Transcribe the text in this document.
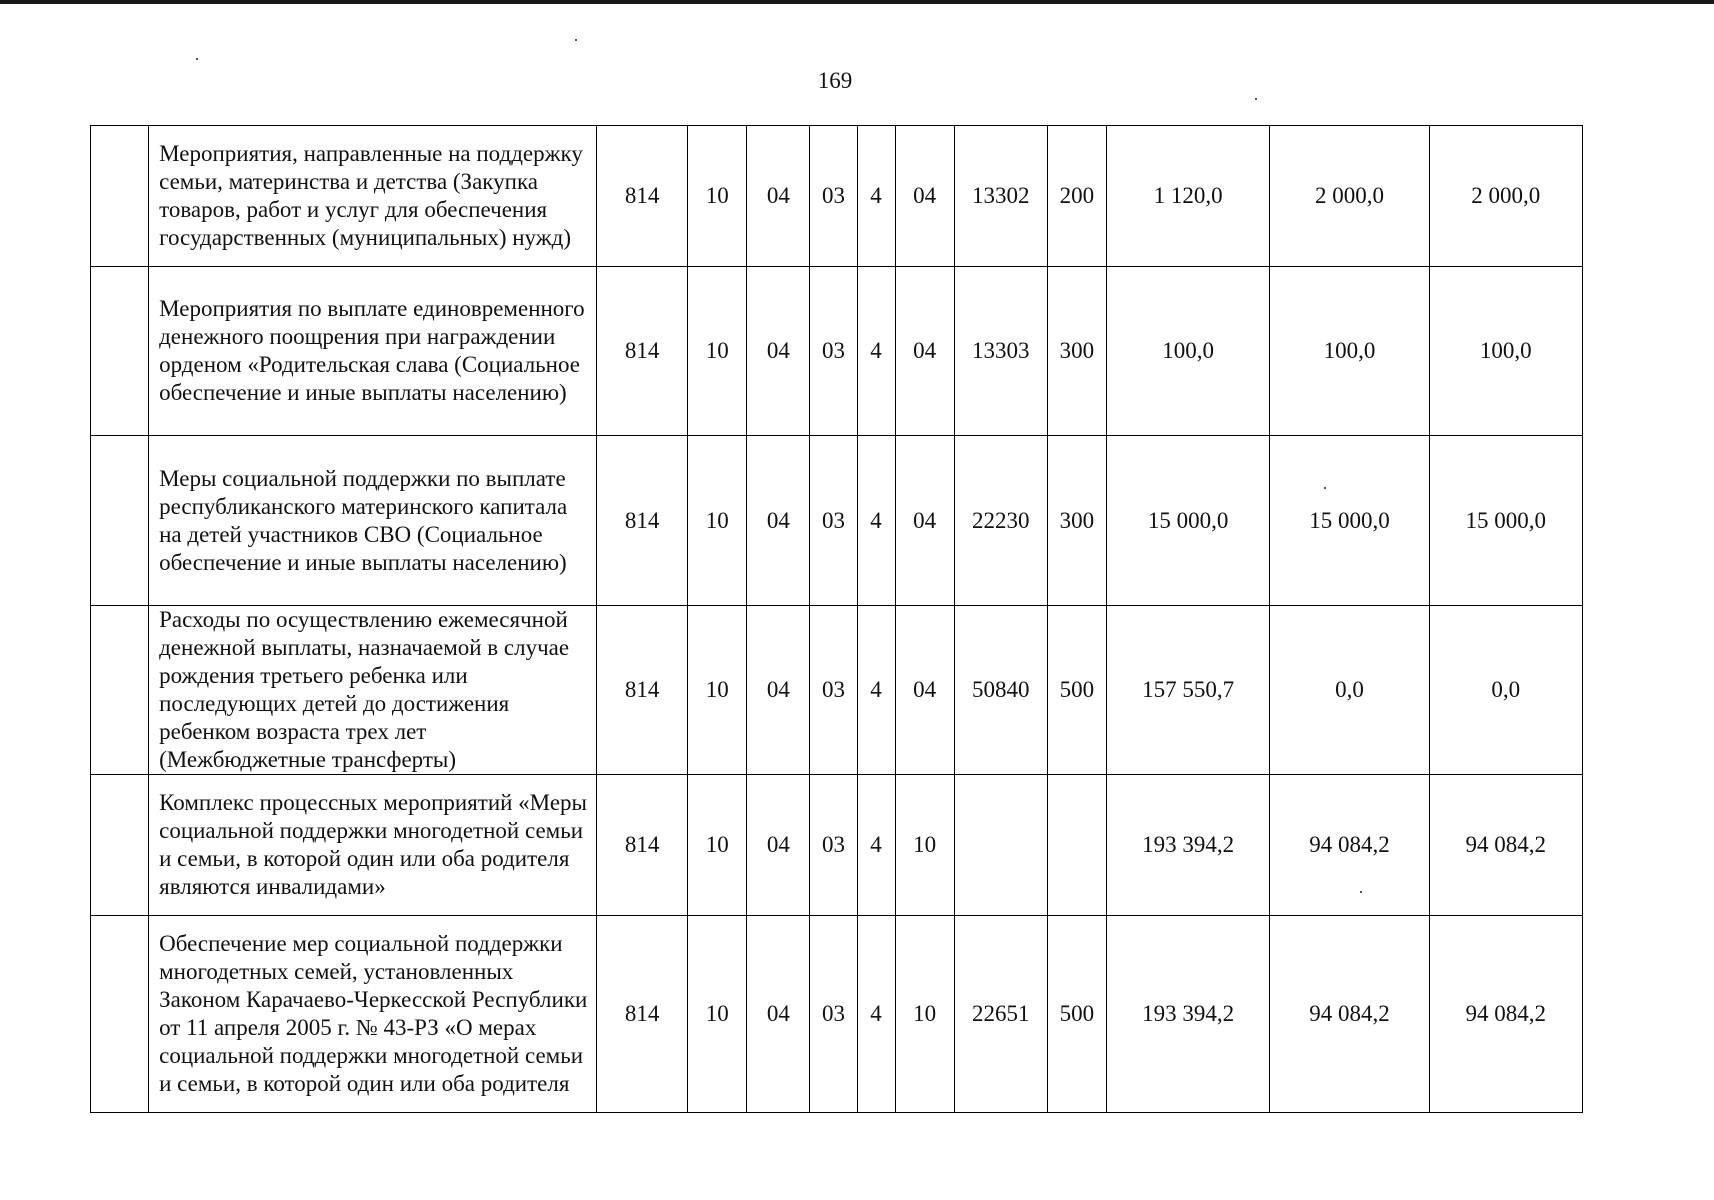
169
	Мероприятия, направленные на поддержку семьи, материнства и детства (Закупка товаров, работ и услуг для обеспечения государственных (муниципальных) нужд)	814	10	04	03	4	04	13302	200	1 120,0	2 000,0	2 000,0
	Мероприятия по выплате единовременного денежного поощрения при награждении орденом «Родительская слава (Социальное обеспечение и иные выплаты населению)	814	10	04	03	4	04	13303	300	100,0	100,0	100,0
	Меры социальной поддержки по выплате республиканского материнского капитала на детей участников СВО (Социальное обеспечение и иные выплаты населению)	814	10	04	03	4	04	22230	300	15 000,0	15 000,0	15 000,0
	Расходы по осуществлению ежемесячной денежной выплаты, назначаемой в случае рождения третьего ребенка или последующих детей до достижения ребенком возраста трех лет (Межбюджетные трансферты)	814	10	04	03	4	04	50840	500	157 550,7	0,0	0,0
	Комплекс процессных мероприятий «Меры социальной поддержки многодетной семьи и семьи, в которой один или оба родителя являются инвалидами»	814	10	04	03	4	10			193 394,2	94 084,2	94 084,2
	Обеспечение мер социальной поддержки многодетных семей, установленных Законом Карачаево-Черкесской Республики от 11 апреля 2005 г. № 43-РЗ «О мерах социальной поддержки многодетной семьи и семьи, в которой один или оба родителя	814	10	04	03	4	10	22651	500	193 394,2	94 084,2	94 084,2
